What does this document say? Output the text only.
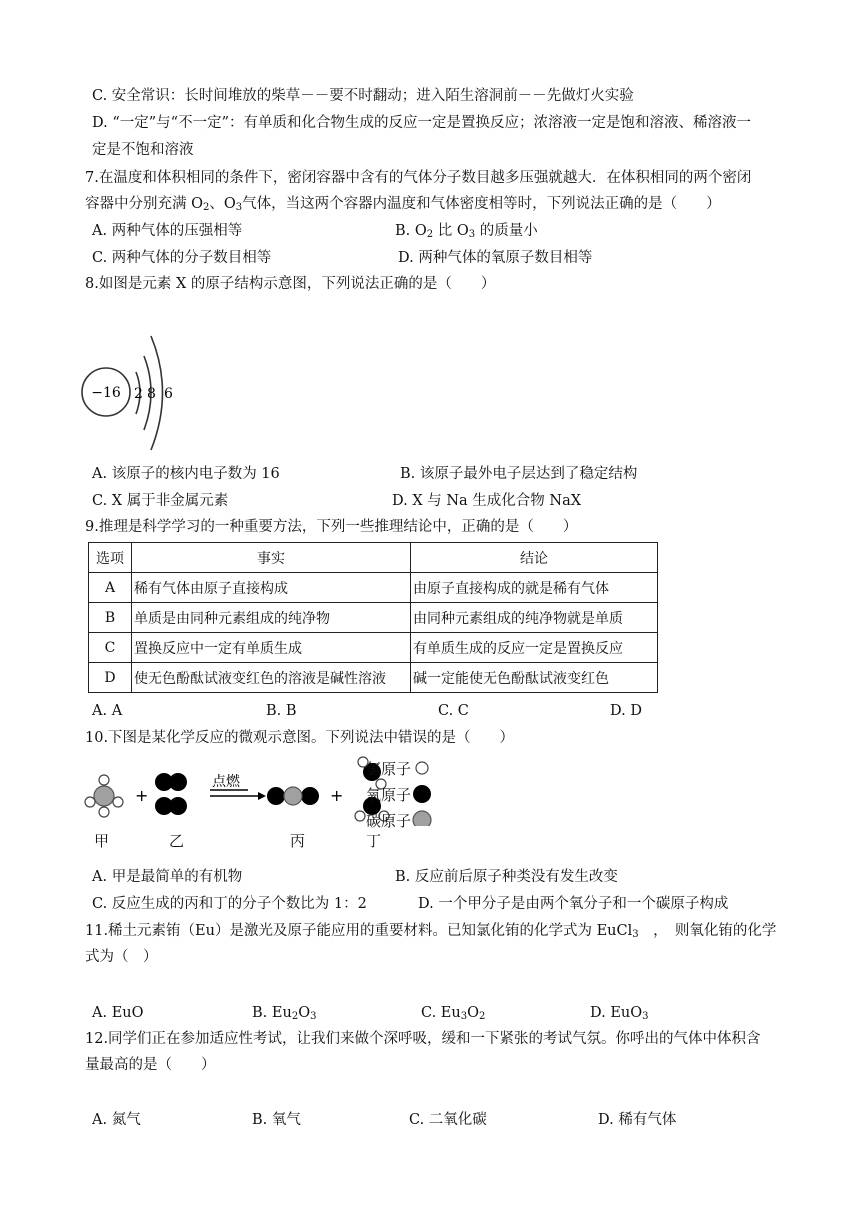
C. 安全常识：长时间堆放的柴草－－要不时翻动；进入陌生溶洞前－－先做灯火实验
D. “一定”与“不一定”：有单质和化合物生成的反应一定是置换反应；浓溶液一定是饱和溶液、稀溶液一
定是不饱和溶液
7.在温度和体积相同的条件下，密闭容器中含有的气体分子数目越多压强就越大．在体积相同的两个密闭
容器中分别充满 $O_2$、$O_3$气体，当这两个容器内温度和气体密度相等时，下列说法正确的是（　　）
A. 两种气体的压强相等	B. $O_2$ 比 $O_3$ 的质量小
C. 两种气体的分子数目相等	D. 两种气体的氧原子数目相等
8.如图是元素 X 的原子结构示意图，下列说法正确的是（　　）
−16 2 8 6
A. 该原子的核内电子数为 16	B. 该原子最外电子层达到了稳定结构
C. X 属于非金属元素	D. X 与 Na 生成化合物 NaX
9.推理是科学学习的一种重要方法，下列一些推理结论中，正确的是（　　）
选项	事实	结论
A	稀有气体由原子直接构成	由原子直接构成的就是稀有气体
B	单质是由同种元素组成的纯净物	由同种元素组成的纯净物就是单质
C	置换反应中一定有单质生成	有单质生成的反应一定是置换反应
D	使无色酚酞试液变红色的溶液是碱性溶液	碱一定能使无色酚酞试液变红色
A. A	B. B	C. C	D. D
10.下图是某化学反应的微观示意图。下列说法中错误的是（　　）
+
点燃
+
氢原子
氧原子
碳原子
甲	乙	丙	丁
A. 甲是最简单的有机物	B. 反应前后原子种类没有发生改变
C. 反应生成的丙和丁的分子个数比为 1：2	D. 一个甲分子是由两个氧分子和一个碳原子构成
11.稀土元素铕（Eu）是激光及原子能应用的重要材料。已知氯化铕的化学式为 EuCl$_3$　，　则氧化铕的化学
式为（　）
A. EuO	B. $Eu_2O_3$	C. $Eu_3O_2$	D. EuO$_3$
12.同学们正在参加适应性考试，让我们来做个深呼吸，缓和一下紧张的考试气氛。你呼出的气体中体积含
量最高的是（　　）
A. 氮气	B. 氧气	C. 二氧化碳	D. 稀有气体
